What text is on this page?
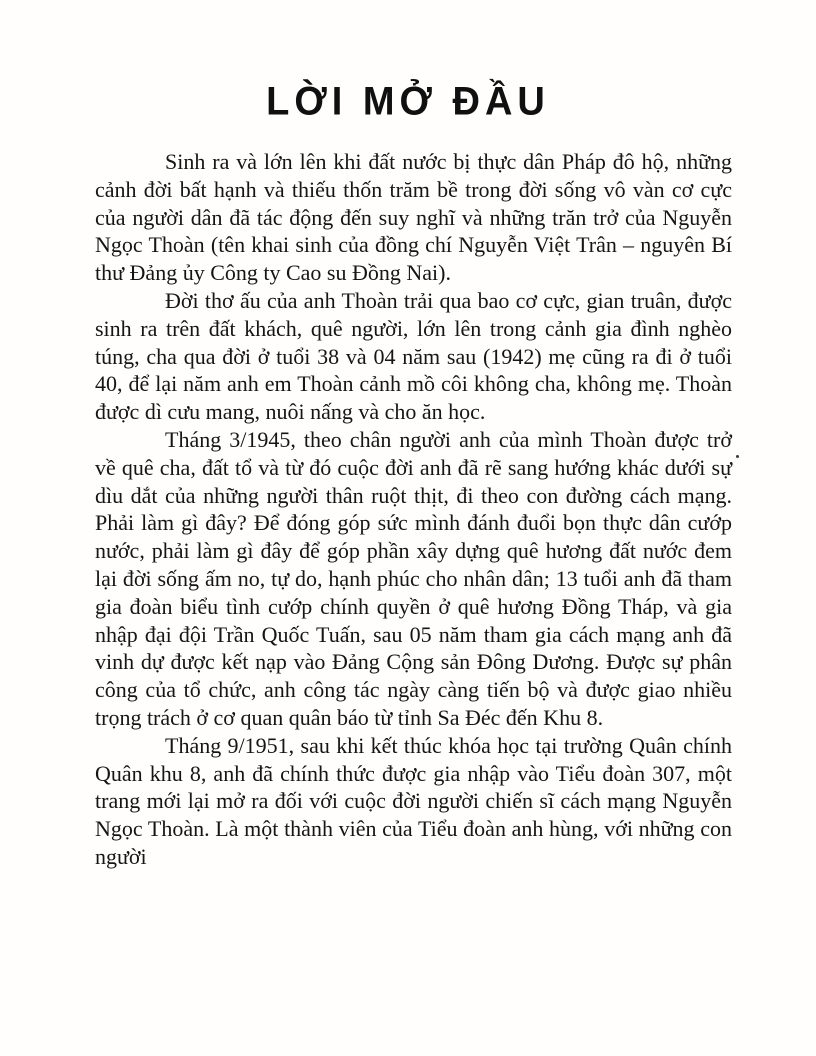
LỜI MỞ ĐẦU

Sinh ra và lớn lên khi đất nước bị thực dân Pháp đô hộ, những cảnh đời bất hạnh và thiếu thốn trăm bề trong đời sống vô vàn cơ cực của người dân đã tác động đến suy nghĩ và những trăn trở của Nguyễn Ngọc Thoàn (tên khai sinh của đồng chí Nguyễn Việt Trân – nguyên Bí thư Đảng ủy Công ty Cao su Đồng Nai).

Đời thơ ấu của anh Thoàn trải qua bao cơ cực, gian truân, được sinh ra trên đất khách, quê người, lớn lên trong cảnh gia đình nghèo túng, cha qua đời ở tuổi 38 và 04 năm sau (1942) mẹ cũng ra đi ở tuổi 40, để lại năm anh em Thoàn cảnh mồ côi không cha, không mẹ. Thoàn được dì cưu mang, nuôi nấng và cho ăn học.

Tháng 3/1945, theo chân người anh của mình Thoàn được trở về quê cha, đất tổ và từ đó cuộc đời anh đã rẽ sang hướng khác dưới sự dìu dắt của những người thân ruột thịt, đi theo con đường cách mạng. Phải làm gì đây? Để đóng góp sức mình đánh đuổi bọn thực dân cướp nước, phải làm gì đây để góp phần xây dựng quê hương đất nước đem lại đời sống ấm no, tự do, hạnh phúc cho nhân dân; 13 tuổi anh đã tham gia đoàn biểu tình cướp chính quyền ở quê hương Đồng Tháp, và gia nhập đại đội Trần Quốc Tuấn, sau 05 năm tham gia cách mạng anh đã vinh dự được kết nạp vào Đảng Cộng sản Đông Dương. Được sự phân công của tổ chức, anh công tác ngày càng tiến bộ và được giao nhiều trọng trách ở cơ quan quân báo từ tỉnh Sa Đéc đến Khu 8.

Tháng 9/1951, sau khi kết thúc khóa học tại trường Quân chính Quân khu 8, anh đã chính thức được gia nhập vào Tiểu đoàn 307, một trang mới lại mở ra đối với cuộc đời người chiến sĩ cách mạng Nguyễn Ngọc Thoàn. Là một thành viên của Tiểu đoàn anh hùng, với những con người
